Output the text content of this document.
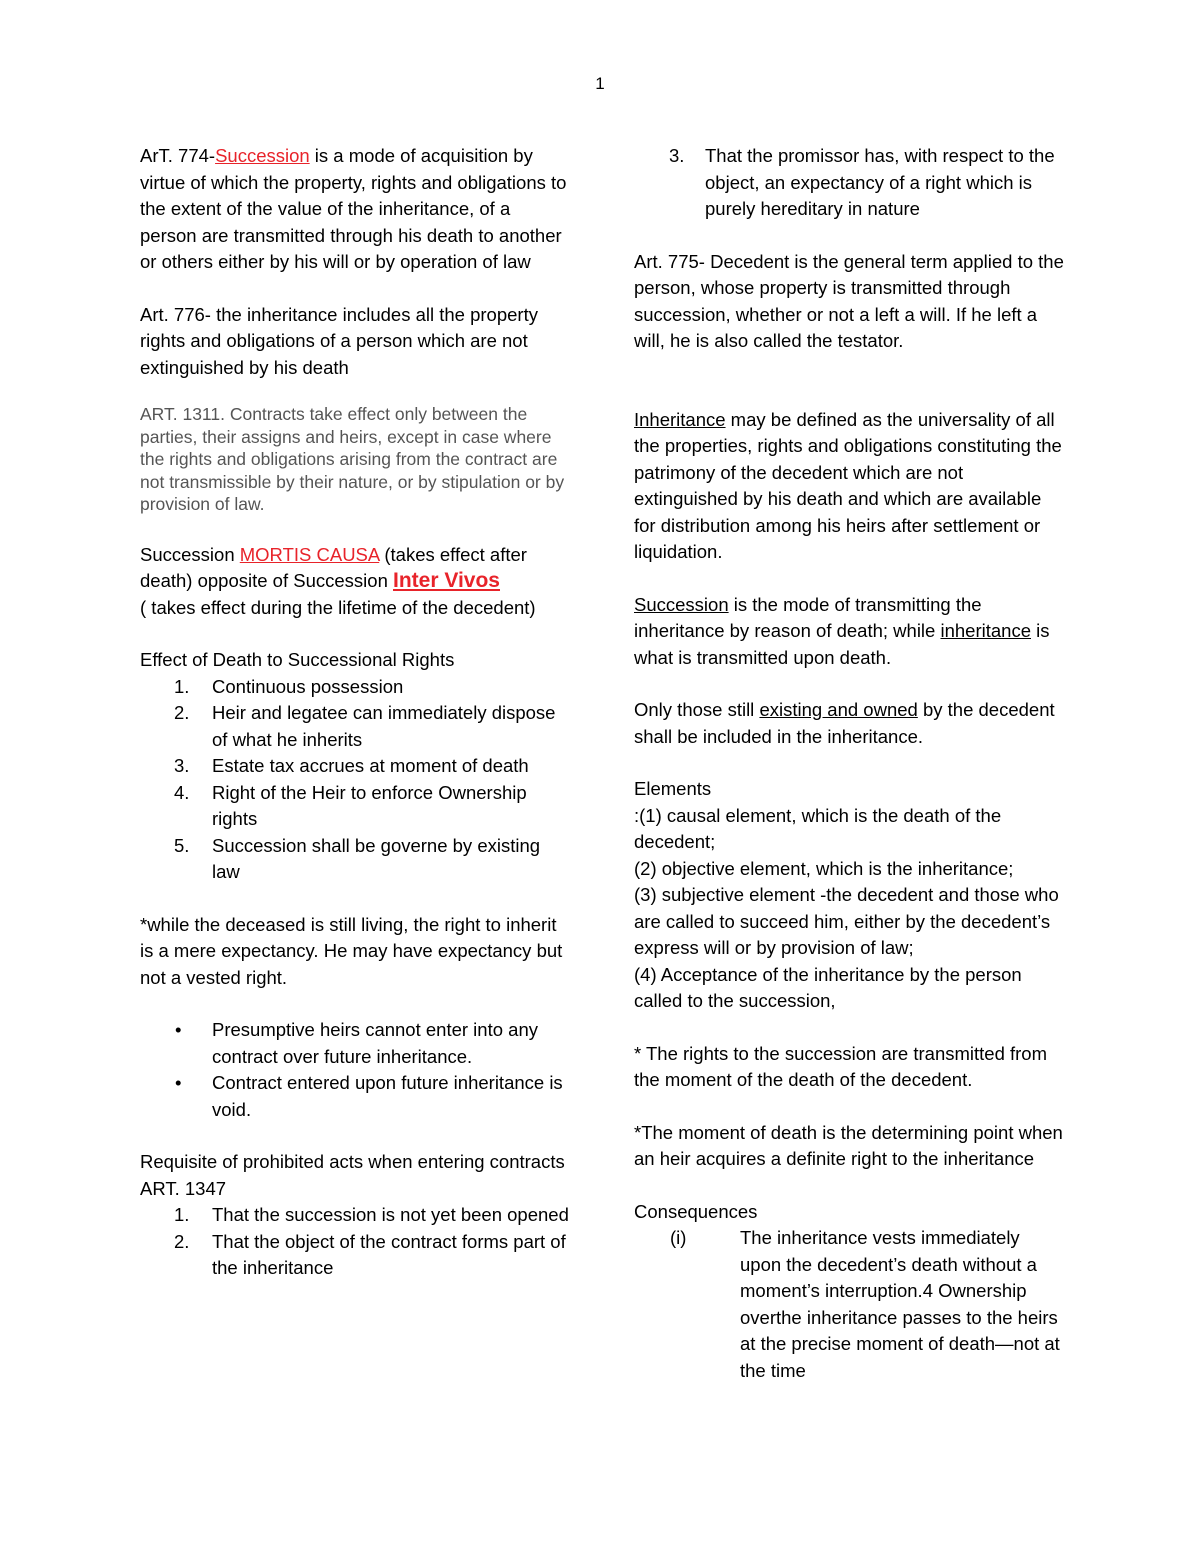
1

ArT. 774-Succession is a mode of acquisition by virtue of which the property, rights and obligations to the extent of the value of the inheritance, of a person are transmitted through his death to another or others either by his will or by operation of law

Art. 776- the inheritance includes all the property rights and obligations of a person which are not extinguished by his death

ART. 1311. Contracts take effect only between the parties, their assigns and heirs, except in case where the rights and obligations arising from the contract are not transmissible by their nature, or by stipulation or by provision of law.

Succession MORTIS CAUSA (takes effect after death) opposite of Succession Inter Vivos
( takes effect during the lifetime of the decedent)

Effect of Death to Successional Rights

1. Continuous possession
2. Heir and legatee can immediately dispose of what he inherits
3. Estate tax accrues at moment of death
4. Right of the Heir to enforce Ownership rights
5. Succession shall be governe by existing law

*while the deceased is still living, the right to inherit is a mere expectancy. He may have expectancy but not a vested right.

• Presumptive heirs cannot enter into any contract over future inheritance.
• Contract entered upon future inheritance is void.

Requisite of prohibited acts when entering contracts ART. 1347

1. That the succession is not yet been opened
2. That the object of the contract forms part of the inheritance
3. That the promissor has, with respect to the object, an expectancy of a right which is purely hereditary in nature

Art. 775- Decedent is the general term applied to the person, whose property is transmitted through succession, whether or not a left a will. If he left a will, he is also called the testator.

Inheritance may be defined as the universality of all the properties, rights and obligations constituting the patrimony of the decedent which are not extinguished by his death and which are available for distribution among his heirs after settlement or liquidation.

Succession is the mode of transmitting the inheritance by reason of death; while inheritance is what is transmitted upon death.

Only those still existing and owned by the decedent shall be included in the inheritance.

Elements

:(1) causal element, which is the death of the decedent;

(2) objective element, which is the inheritance;

(3) subjective element -the decedent and those who are called to succeed him, either by the decedent’s express will or by provision of law;

(4) Acceptance of the inheritance by the person called to the succession,

* The rights to the succession are transmitted from the moment of the death of the decedent.

*The moment of death is the determining point when an heir acquires a definite right to the inheritance

Consequences

(i)	The inheritance vests immediately upon the decedent’s death without a moment’s interruption.4 Ownership overthe inheritance passes to the heirs at the precise moment of death—not at the time
